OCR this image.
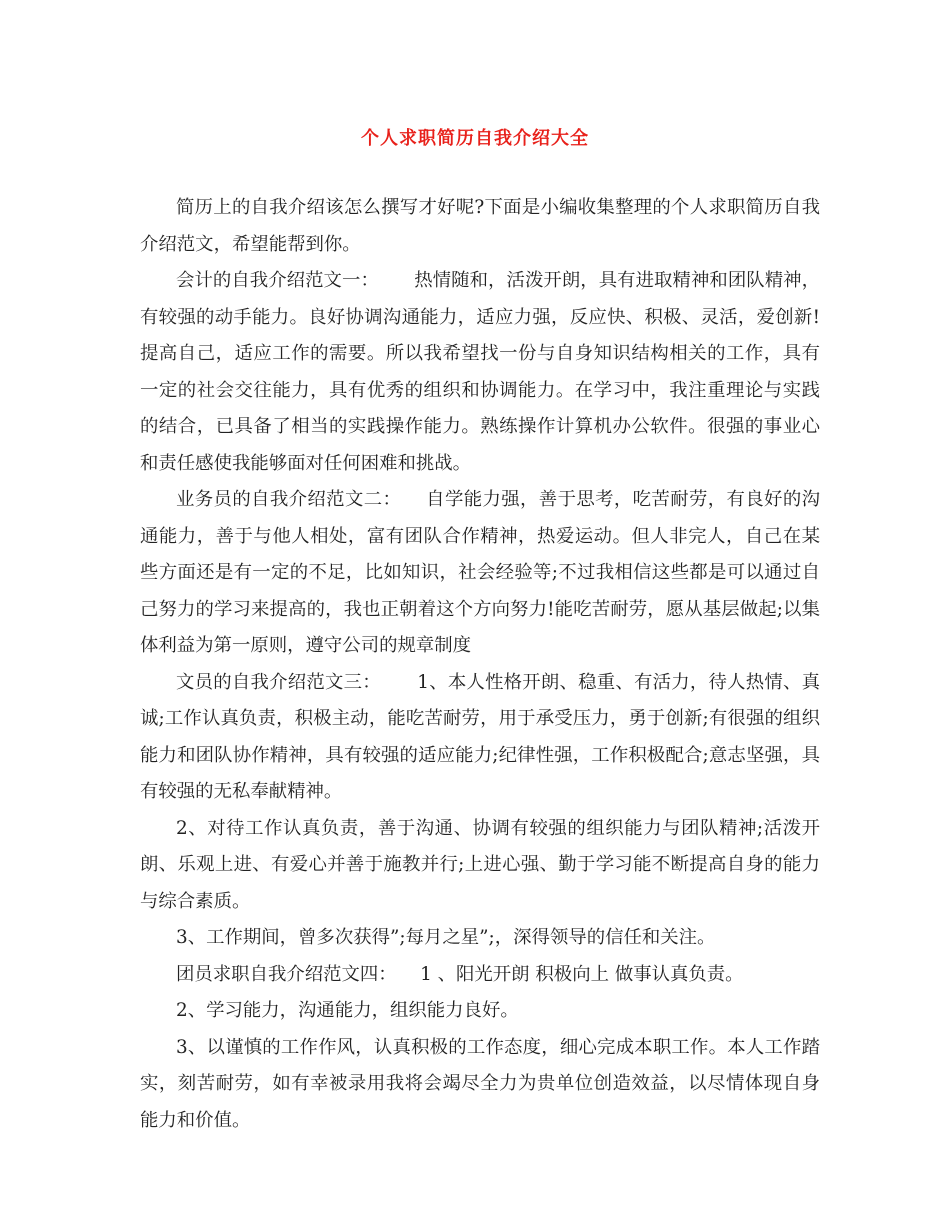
个人求职简历自我介绍大全

简历上的自我介绍该怎么撰写才好呢?下面是小编收集整理的个人求职简历自我介绍范文，希望能帮到你。

会计的自我介绍范文一：      热情随和，活泼开朗，具有进取精神和团队精神，有较强的动手能力。良好协调沟通能力，适应力强，反应快、积极、灵活，爱创新!提高自己，适应工作的需要。所以我希望找一份与自身知识结构相关的工作，具有一定的社会交往能力，具有优秀的组织和协调能力。在学习中，我注重理论与实践的结合，已具备了相当的实践操作能力。熟练操作计算机办公软件。很强的事业心和责任感使我能够面对任何困难和挑战。

业务员的自我介绍范文二：    自学能力强，善于思考，吃苦耐劳，有良好的沟通能力，善于与他人相处，富有团队合作精神，热爱运动。但人非完人，自己在某些方面还是有一定的不足，比如知识，社会经验等;不过我相信这些都是可以通过自己努力的学习来提高的，我也正朝着这个方向努力!能吃苦耐劳，愿从基层做起;以集体利益为第一原则，遵守公司的规章制度

文员的自我介绍范文三：      1、本人性格开朗、稳重、有活力，待人热情、真诚;工作认真负责，积极主动，能吃苦耐劳，用于承受压力，勇于创新;有很强的组织能力和团队协作精神，具有较强的适应能力;纪律性强，工作积极配合;意志坚强，具有较强的无私奉献精神。

2、对待工作认真负责，善于沟通、协调有较强的组织能力与团队精神;活泼开朗、乐观上进、有爱心并善于施教并行;上进心强、勤于学习能不断提高自身的能力与综合素质。

3、工作期间，曾多次获得”;每月之星”;，深得领导的信任和关注。

团员求职自我介绍范文四：    1 、阳光开朗 积极向上 做事认真负责。

2、学习能力，沟通能力，组织能力良好。

3、以谨慎的工作作风，认真积极的工作态度，细心完成本职工作。本人工作踏实，刻苦耐劳，如有幸被录用我将会竭尽全力为贵单位创造效益，以尽情体现自身能力和价值。
